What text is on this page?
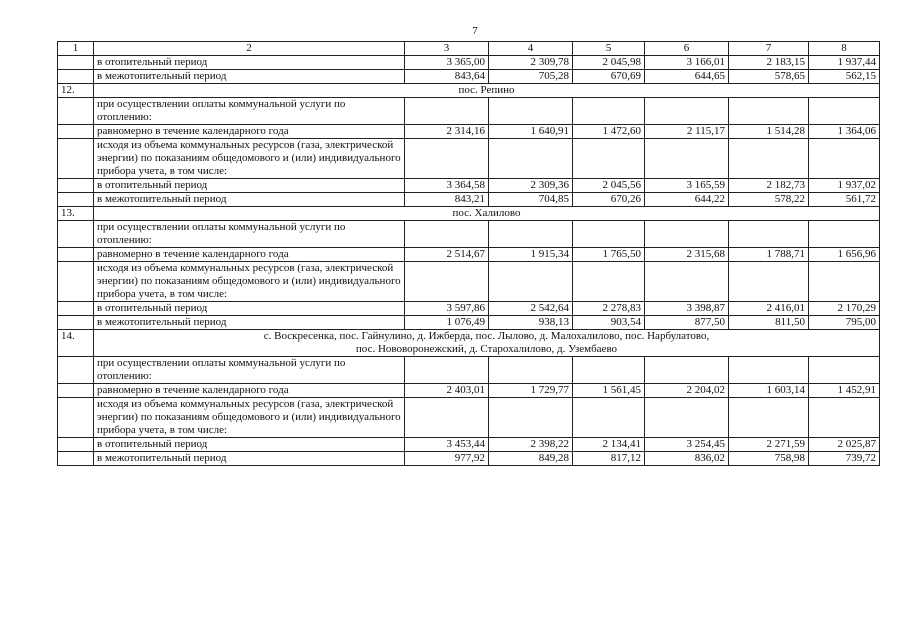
7
1	2	3	4	5	6	7	8
	в отопительный период	3 365,00	2 309,78	2 045,98	3 166,01	2 183,15	1 937,44
	в межотопительный период	843,64	705,28	670,69	644,65	578,65	562,15
12.	пос. Репино						

	при осуществлении оплаты коммунальной услуги по отоплению:						
	равномерно в течение календарного года	2 314,16	1 640,91	1 472,60	2 115,17	1 514,28	1 364,06
	исходя из объема коммунальных ресурсов (газа, электрической энергии) по показаниям общедомового и (или) индивидуального прибора учета, в том числе:						
	в отопительный период	3 364,58	2 309,36	2 045,56	3 165,59	2 182,73	1 937,02
	в межотопительный период	843,21	704,85	670,26	644,22	578,22	561,72
13.	пос. Халилово						

	при осуществлении оплаты коммунальной услуги по отоплению:						
	равномерно в течение календарного года	2 514,67	1 915,34	1 765,50	2 315,68	1 788,71	1 656,96
	исходя из объема коммунальных ресурсов (газа, электрической энергии) по показаниям общедомового и (или) индивидуального прибора учета, в том числе:						
	в отопительный период	3 597,86	2 542,64	2 278,83	3 398,87	2 416,01	2 170,29
	в межотопительный период	1 076,49	938,13	903,54	877,50	811,50	795,00
14.	с. Воскресенка, пос. Гайнулино, д. Ижберда, пос. Лылово, д. Малохалилово, пос. Нарбулатово,
пос. Нововоронежский, д. Старохалилово, д. Узембаево						

	при осуществлении оплаты коммунальной услуги по отоплению:						
	равномерно в течение календарного года	2 403,01	1 729,77	1 561,45	2 204,02	1 603,14	1 452,91
	исходя из объема коммунальных ресурсов (газа, электрической энергии) по показаниям общедомового и (или) индивидуального прибора учета, в том числе:						
	в отопительный период	3 453,44	2 398,22	2 134,41	3 254,45	2 271,59	2 025,87
	в межотопительный период	977,92	849,28	817,12	836,02	758,98	739,72
